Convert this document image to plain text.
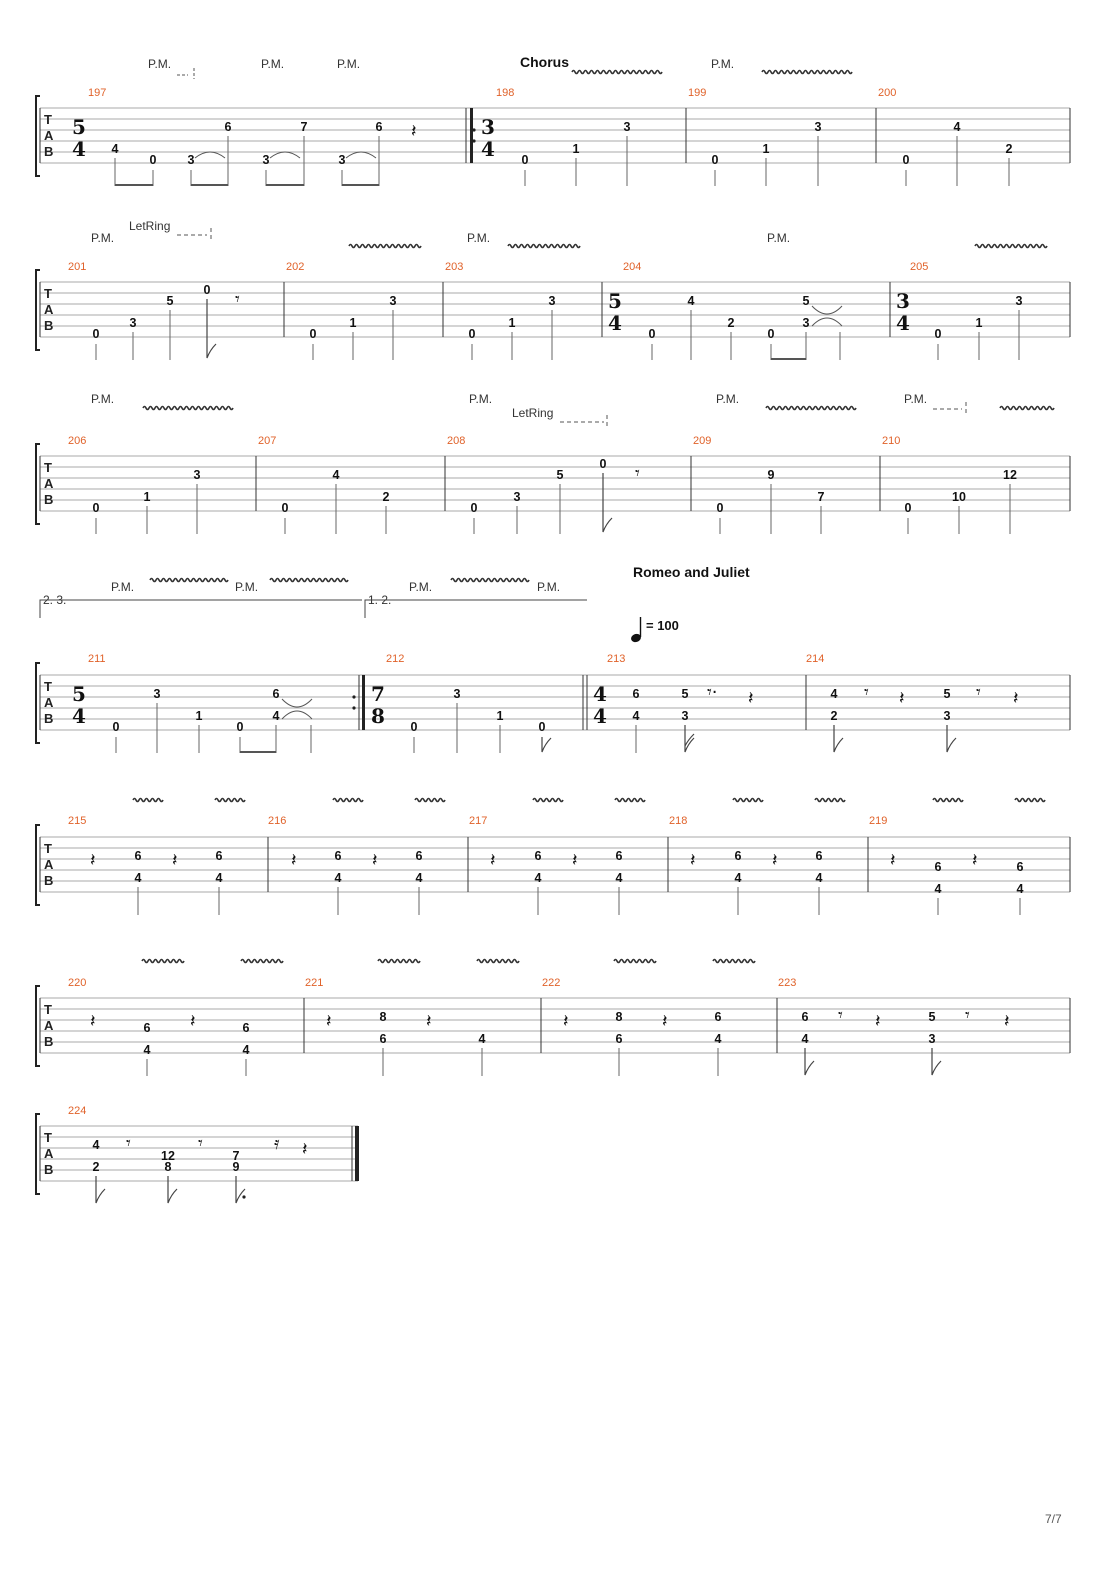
T
A
B
5
4
3
4
197	198	199	200
P.M.	P.M.	P.M.	Chorus	P.M.
4
0 3
6
3
7
3
6 𝄽
0
1
3
0
1
3
0
4
2
T
A
B
5
4
3
4
201	202	203	204	205
P.M.
LetRing
P.M.	P.M.
0
3
5
0 𝄾
0
1
3
0
1
3
0
4
2
0
5
3
0
1
3
T
A
B
206	207	208	209	210
P.M.	P.M.
LetRing
P.M.	P.M.
0
1
3
0
4
2
0
3
5
0 𝄾
0
9
7
0
10
12
2. 3.	1. 2.
P.M.	P.M.	P.M.	P.M.
Romeo and Juliet
= 100
T
A
B
5
4
7
8
4
4
211	212	213	214
0
3
1
0
6
4
0
3
1
0
6
4
5
3
𝄾· 𝄽	4
2
𝄾 𝄽	5
3
𝄾 𝄽
T
A
B
215	216	217	218	219
𝄽	6
4
𝄽	6
4
𝄽	6
4
𝄽	6
4
𝄽	6
4
𝄽	6
4
𝄽	6
4
𝄽	6
4
𝄽	6
4
𝄽	6
4
T
A
B
220	221	222	223
𝄽	6
4
𝄽	6
4
𝄽	8
6
𝄽
4
𝄽	8
6
𝄽	6
4
6
4
𝄾 𝄽	5
3
𝄾 𝄽
T
A
B
224
4
2
𝄾
12
8
𝄾
7
9
𝄿 𝄽
7/7
